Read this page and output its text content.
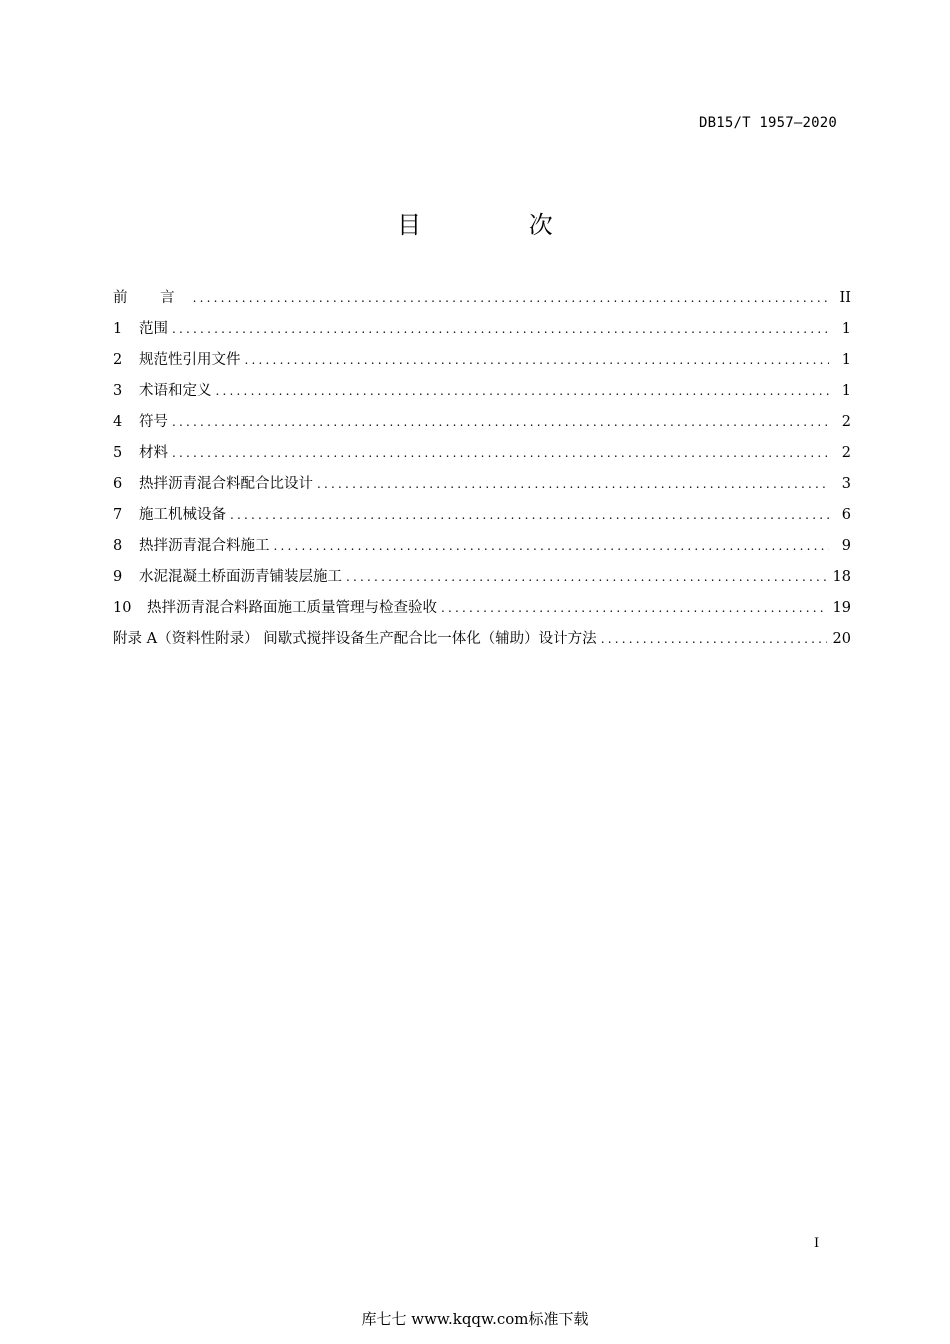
DB15/T 1957—2020
目 次
前 言 .....	II
1	范围 .....	1
2	规范性引用文件 .....	1
3	术语和定义 .....	1
4	符号 .....	2
5	材料 .....	2
6	热拌沥青混合料配合比设计 .....	3
7	施工机械设备 .....	6
8	热拌沥青混合料施工 .....	9
9	水泥混凝土桥面沥青铺装层施工 .....	18
10	热拌沥青混合料路面施工质量管理与检查验收 .....	19
附录 A（资料性附录） 间歇式搅拌设备生产配合比一体化（辅助）设计方法 .....	20
I
库七七 www.kqqw.com标准下载
